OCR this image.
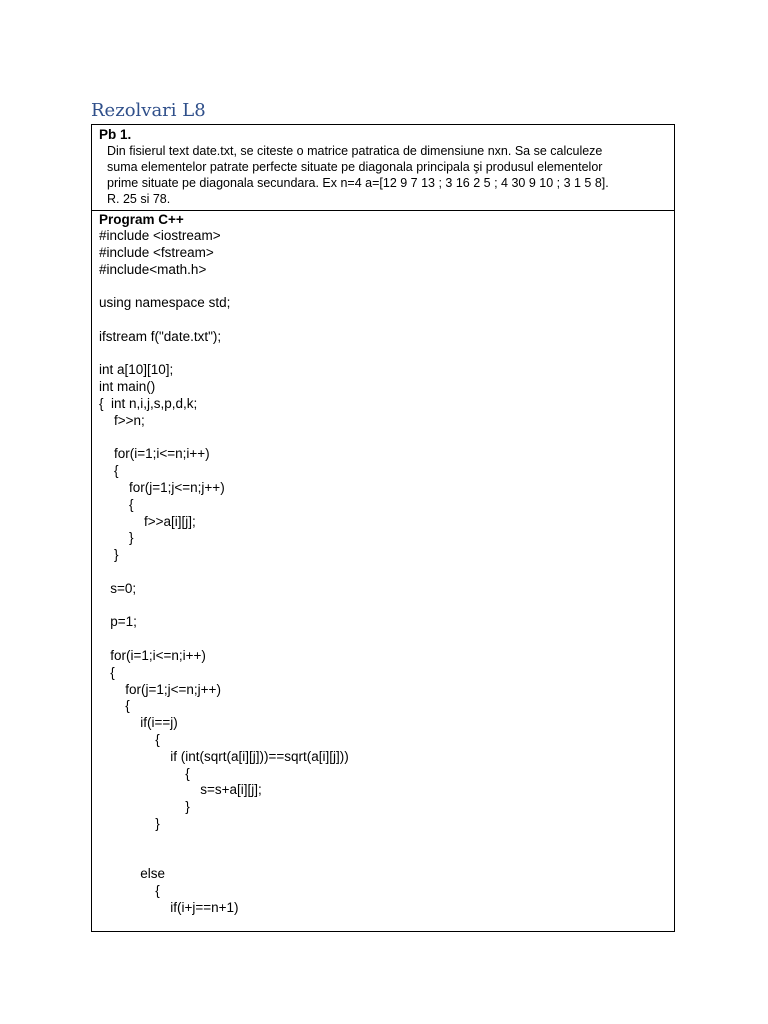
Rezolvari L8
Pb 1.
Din fisierul text date.txt, se citeste o matrice patratica de dimensiune nxn. Sa se calculeze
suma elementelor patrate perfecte situate pe diagonala principala şi produsul elementelor
prime situate pe diagonala secundara. Ex n=4 a=[12 9 7 13 ; 3 16 2 5 ; 4 30 9 10 ; 3 1 5 8].
R. 25 si 78.
Program C++
#include <iostream>
#include <fstream>
#include<math.h>

using namespace std;

ifstream f("date.txt");

int a[10][10];
int main()
{  int n,i,j,s,p,d,k;
f>>n;

for(i=1;i<=n;i++)
{
for(j=1;j<=n;j++)
{
f>>a[i][j];
}
}

s=0;

p=1;

for(i=1;i<=n;i++)
{
for(j=1;j<=n;j++)
{
if(i==j)
{
if (int(sqrt(a[i][j]))==sqrt(a[i][j]))
{
s=s+a[i][j];
}
}

else
{
if(i+j==n+1)
